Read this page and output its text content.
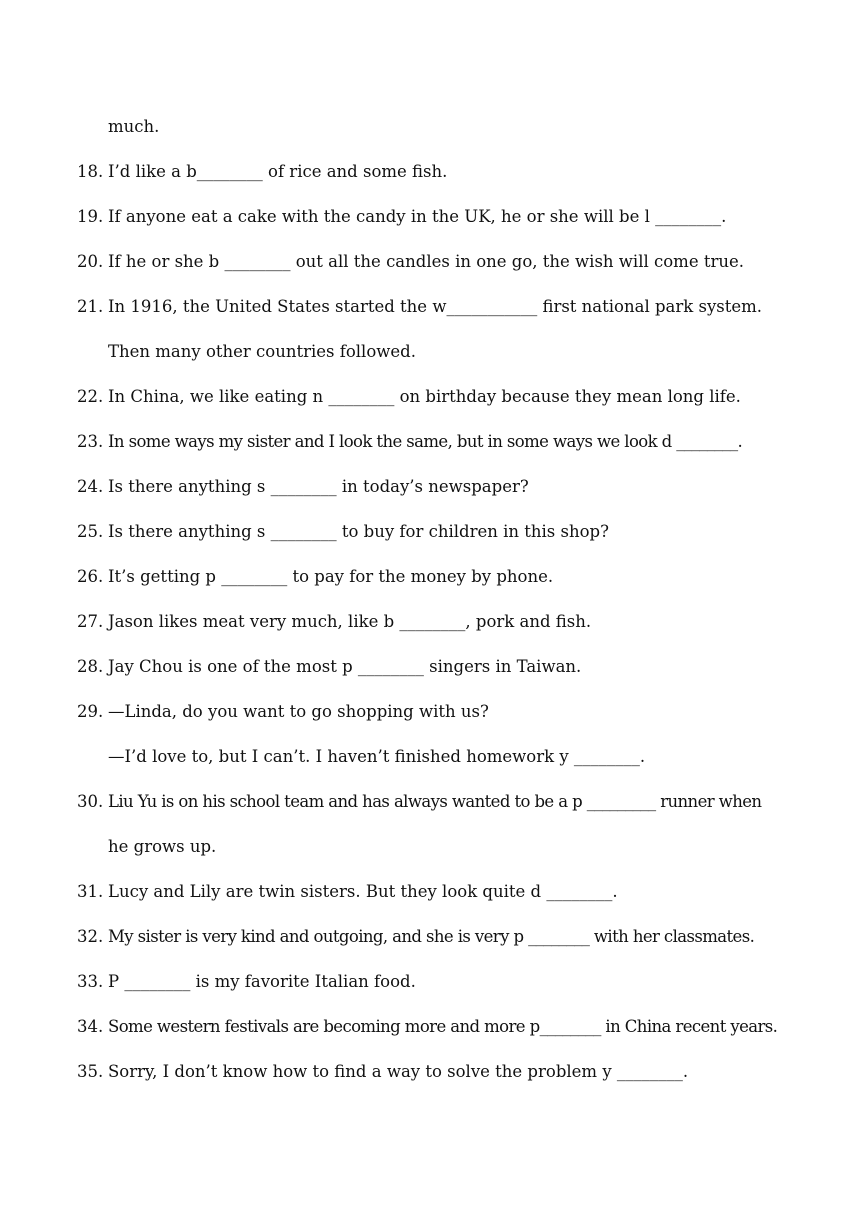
much.
18. I’d like a b________ of rice and some fish.
19. If anyone eat a cake with the candy in the UK, he or she will be l ________.
20. If he or she b ________ out all the candles in one go, the wish will come true.
21. In 1916, the United States started the w___________ first national park system.
Then many other countries followed.
22. In China, we like eating n ________ on birthday because they mean long life.
23. In some ways my sister and I look the same, but in some ways we look d ________.
24. Is there anything s ________ in today’s newspaper?
25. Is there anything s ________ to buy for children in this shop?
26. It’s getting p ________ to pay for the money by phone.
27. Jason likes meat very much, like b ________, pork and fish.
28. Jay Chou is one of the most p ________ singers in Taiwan.
29. —Linda, do you want to go shopping with us?
—I’d love to, but I can’t. I haven’t finished homework y ________.
30. Liu Yu is on his school team and has always wanted to be a p _________ runner when
he grows up.
31. Lucy and Lily are twin sisters. But they look quite d ________.
32. My sister is very kind and outgoing, and she is very p ________ with her classmates.
33. P ________ is my favorite Italian food.
34. Some western festivals are becoming more and more p________ in China recent years.
35. Sorry, I don’t know how to find a way to solve the problem y ________.
